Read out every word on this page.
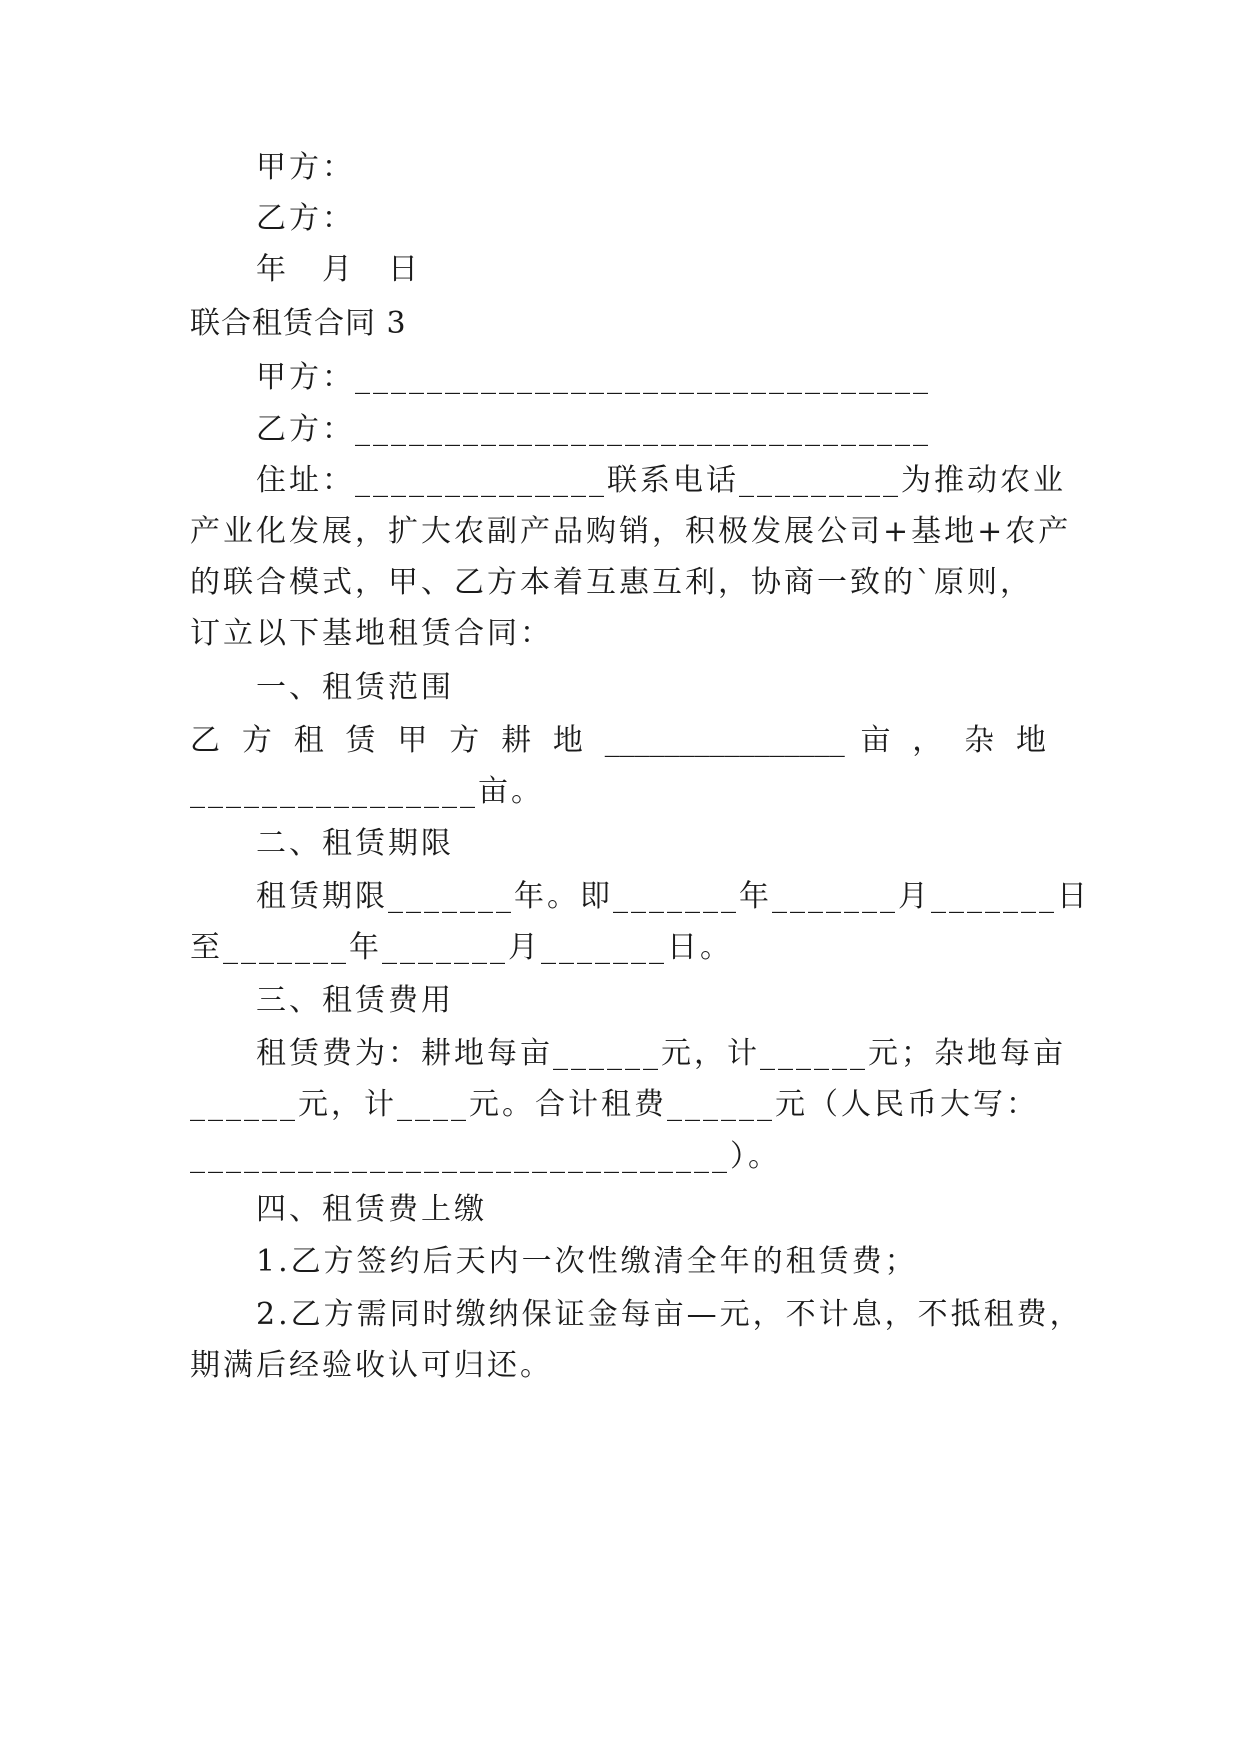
甲方：
乙方：
年　月　日
联合租赁合同 3
甲方：________________________________
乙方：________________________________
住址：______________联系电话_________为推动农业
产业化发展，扩大农副产品购销，积极发展公司+基地+农产
的联合模式，甲、乙方本着互惠互利，协商一致的`原则，
订立以下基地租赁合同：
一、租赁范围
乙 方 租 赁 甲 方 耕 地 ________________ 亩 ， 杂 地
________________亩。
二、租赁期限
租赁期限_______年。即_______年_______月_______日
至_______年_______月_______日。
三、租赁费用
租赁费为：耕地每亩______元，计______元；杂地每亩
______元，计____元。合计租费______元（人民币大写：
______________________________）。
四、租赁费上缴
1.乙方签约后天内一次性缴清全年的租赁费；
2.乙方需同时缴纳保证金每亩—元，不计息，不抵租费，
期满后经验收认可归还。
